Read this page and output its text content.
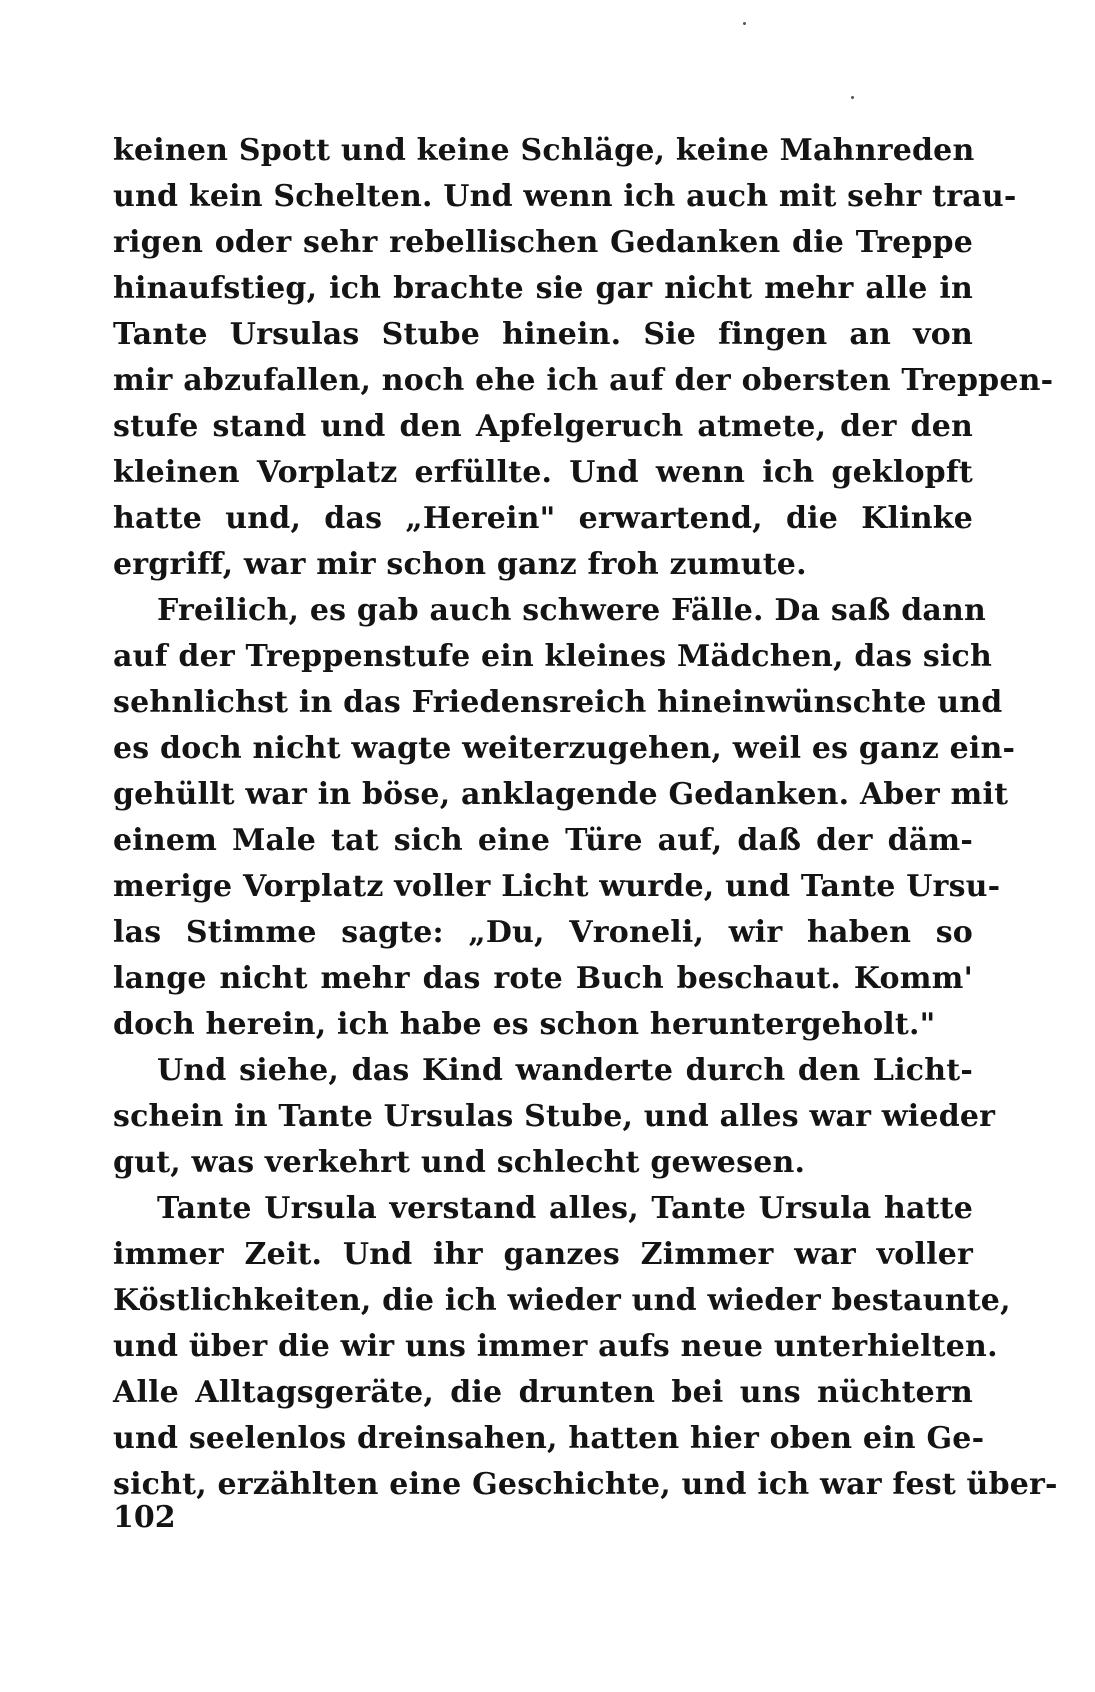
keinen Spott und keine Schläge, keine Mahnreden
und kein Schelten. Und wenn ich auch mit sehr trau-
rigen oder sehr rebellischen Gedanken die Treppe
hinaufstieg, ich brachte sie gar nicht mehr alle in
Tante Ursulas Stube hinein. Sie fingen an von
mir abzufallen, noch ehe ich auf der obersten Treppen-
stufe stand und den Apfelgeruch atmete, der den
kleinen Vorplatz erfüllte. Und wenn ich geklopft
hatte und, das „Herein" erwartend, die Klinke
ergriff, war mir schon ganz froh zumute.
Freilich, es gab auch schwere Fälle. Da saß dann
auf der Treppenstufe ein kleines Mädchen, das sich
sehnlichst in das Friedensreich hineinwünschte und
es doch nicht wagte weiterzugehen, weil es ganz ein-
gehüllt war in böse, anklagende Gedanken. Aber mit
einem Male tat sich eine Türe auf, daß der däm-
merige Vorplatz voller Licht wurde, und Tante Ursu-
las Stimme sagte: „Du, Vroneli, wir haben so
lange nicht mehr das rote Buch beschaut. Komm'
doch herein, ich habe es schon heruntergeholt."
Und siehe, das Kind wanderte durch den Licht-
schein in Tante Ursulas Stube, und alles war wieder
gut, was verkehrt und schlecht gewesen.
Tante Ursula verstand alles, Tante Ursula hatte
immer Zeit. Und ihr ganzes Zimmer war voller
Köstlichkeiten, die ich wieder und wieder bestaunte,
und über die wir uns immer aufs neue unterhielten.
Alle Alltagsgeräte, die drunten bei uns nüchtern
und seelenlos dreinsahen, hatten hier oben ein Ge-
sicht, erzählten eine Geschichte, und ich war fest über-
102
